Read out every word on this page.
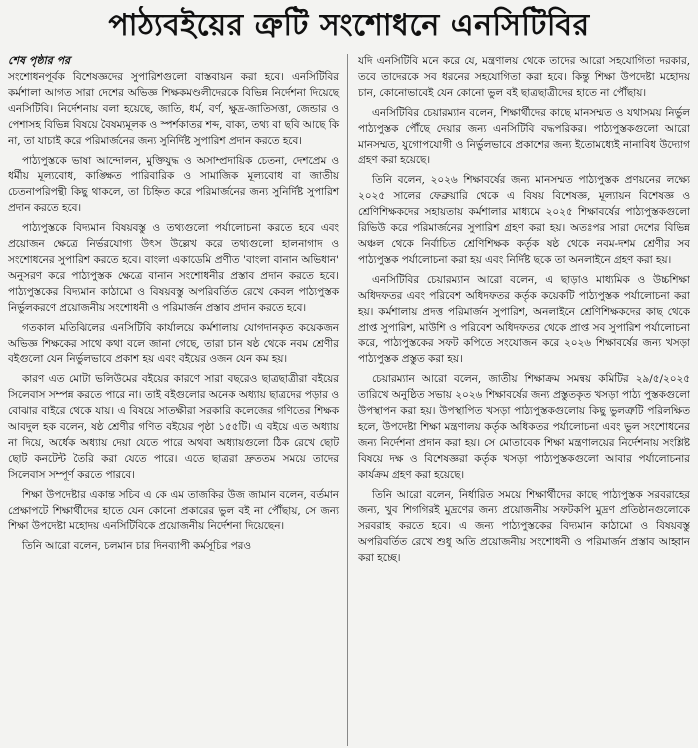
পাঠ্যবইয়ের ত্রুটি সংশোধনে এনসিটিবির

শেষ পৃষ্ঠার পর

সংশোধনপূর্বক বিশেষজ্ঞদের সুপারিশগুলো বাস্তবায়ন করা হবে। এনসিটিবির কর্মশালা আগত সারা দেশের অভিজ্ঞ শিক্ষকমণ্ডলীদেরকে বিভিন্ন নির্দেশনা দিয়েছে এনসিটিবি। নির্দেশনায় বলা হয়েছে, জাতি, ধর্ম, বর্ণ, ক্ষুদ্র-জাতিসত্তা, জেন্ডার ও পেশাসহ বিভিন্ন বিষয়ে বৈষম্যমূলক ও স্পর্শকাতর শব্দ, বাক্য, তথ্য বা ছবি আছে কি না, তা যাচাই করে পরিমার্জনের জন্য সুনির্দিষ্ট সুপারিশ প্রদান করতে হবে।

পাঠ্যপুস্তকে ভাষা আন্দোলন, মুক্তিযুদ্ধ ও অসাম্প্রদায়িক চেতনা, দেশপ্রেম ও ধর্মীয় মূল্যবোধ, কাঙ্ক্ষিত পারিবারিক ও সামাজিক মূল্যবোধ বা জাতীয় চেতনাপরিপন্থী কিছু থাকলে, তা চিহ্নিত করে পরিমার্জনের জন্য সুনির্দিষ্ট সুপারিশ প্রদান করতে হবে।

পাঠ্যপুস্তকে বিদ্যমান বিষয়বস্তু ও তথ্যগুলো পর্যালোচনা করতে হবে এবং প্রয়োজন ক্ষেত্রে নির্ভরযোগ্য উৎস উল্লেখ করে তথ্যগুলো হালনাগাদ ও সংশোধনের সুপারিশ করতে হবে। বাংলা একাডেমি প্রণীত 'বাংলা বানান অভিধান' অনুসরণ করে পাঠ্যপুস্তক ক্ষেত্রে বানান সংশোধনীর প্রস্তাব প্রদান করতে হবে। পাঠ্যপুস্তকের বিদ্যমান কাঠামো ও বিষয়বস্তু অপরিবর্তিত রেখে কেবল পাঠ্যপুস্তক নির্ভুলকরণে প্রয়োজনীয় সংশোধনী ও পরিমার্জন প্রস্তাব প্রদান করতে হবে।

গতকাল মতিঝিলের এনসিটিবি কার্যালয়ে কর্মশালায় যোগদানকৃত কয়েকজন অভিজ্ঞ শিক্ষকের সাথে কথা বলে জানা গেছে, তারা চান ষষ্ঠ থেকে নবম শ্রেণীর বইগুলো যেন নির্ভুলভাবে প্রকাশ হয় এবং বইয়ের ওজন যেন কম হয়।

কারণ এত মোটা ভলিউমের বইয়ের কারণে সারা বছরেও ছাত্রছাত্রীরা বইয়ের সিলেবাস সম্পন্ন করতে পারে না। তাই বইগুলোর অনেক অধ্যায় ছাত্রদের পড়ার ও বোঝার বাইরে থেকে যায়। এ বিষয়ে সাতক্ষীরা সরকারি কলেজের গণিতের শিক্ষক আবদুল হক বলেন, ষষ্ঠ শ্রেণীর গণিত বইয়ের পৃষ্ঠা ১৫৫টি। এ বইয়ে এত অধ্যায় না দিয়ে, অর্ধেক অধ্যায় দেয়া যেতে পারে অথবা অধ্যায়গুলো ঠিক রেখে ছোট ছোট কনটেন্ট তৈরি করা যেতে পারে। এতে ছাত্ররা দ্রুততম সময়ে তাদের সিলেবাস সম্পূর্ণ করতে পারবে।

শিক্ষা উপদেষ্টার একান্ত সচিব এ কে এম তাজকির উজ জামান বলেন, বর্তমান প্রেক্ষাপটে শিক্ষার্থীদের হাতে যেন কোনো প্রকারের ভুল বই না পৌঁছায়, সে জন্য শিক্ষা উপদেষ্টা মহোদয় এনসিটিবিকে প্রয়োজনীয় নির্দেশনা দিয়েছেন।

তিনি আরো বলেন, চলমান চার দিনব্যাপী কর্মসূচির পরও

যদি এনসিটিবি মনে করে যে, মন্ত্রণালয় থেকে তাদের আরো সহযোগিতা দরকার, তবে তাদেরকে সব ধরনের সহযোগিতা করা হবে। কিন্তু শিক্ষা উপদেষ্টা মহোদয় চান, কোনোভাবেই যেন কোনো ভুল বই ছাত্রছাত্রীদের হাতে না পৌঁছায়।

এনসিটিবির চেয়ারম্যান বলেন, শিক্ষার্থীদের কাছে মানসম্মত ও যথাসময় নির্ভুল পাঠ্যপুস্তক পৌঁছে দেয়ার জন্য এনসিটিবি বদ্ধপরিকর। পাঠ্যপুস্তকগুলো আরো মানসম্মত, যুগোপযোগী ও নির্ভুলভাবে প্রকাশের জন্য ইতোমধ্যেই নানাবিধ উদ্যোগ গ্রহণ করা হয়েছে।

তিনি বলেন, ২০২৬ শিক্ষাবর্ষের জন্য মানসম্মত পাঠ্যপুস্তক প্রণয়নের লক্ষ্যে ২০২৫ সালের ফেব্রুয়ারি থেকে এ বিষয় বিশেষজ্ঞ, মূল্যায়ন বিশেষজ্ঞ ও শ্রেণিশিক্ষকদের সহায়তায় কর্মশালার মাধ্যমে ২০২৫ শিক্ষাবর্ষের পাঠ্যপুস্তকগুলো রিভিউ করে পরিমার্জনের সুপারিশ গ্রহণ করা হয়। অতঃপর সারা দেশের বিভিন্ন অঞ্চল থেকে নির্বাচিত শ্রেণিশিক্ষক কর্তৃক ষষ্ঠ থেকে নবম-দশম শ্রেণীর সব পাঠ্যপুস্তক পর্যালোচনা করা হয় এবং নির্দিষ্ট ছকে তা অনলাইনে গ্রহণ করা হয়।

এনসিটিবির চেয়ারম্যান আরো বলেন, এ ছাড়াও মাধ্যমিক ও উচ্চশিক্ষা অধিদফতর এবং পরিবেশ অধিদফতর কর্তৃক কয়েকটি পাঠ্যপুস্তক পর্যালোচনা করা হয়। কর্মশালায় প্রদত্ত পরিমার্জন সুপারিশ, অনলাইনে শ্রেণিশিক্ষকদের কাছ থেকে প্রাপ্ত সুপারিশ, মাউশি ও পরিবেশ অধিদফতর থেকে প্রাপ্ত সব সুপারিশ পর্যালোচনা করে, পাঠ্যপুস্তকের সফট কপিতে সংযোজন করে ২০২৬ শিক্ষাবর্ষের জন্য খসড়া পাঠ্যপুস্তক প্রস্তুত করা হয়।

চেয়ারম্যান আরো বলেন, জাতীয় শিক্ষাক্রম সমন্বয় কমিটির ২৯/৫/২০২৫ তারিখে অনুষ্ঠিত সভায় ২০২৬ শিক্ষাবর্ষের জন্য প্রস্তুতকৃত খসড়া পাঠ্য পুস্তকগুলো উপস্থাপন করা হয়। উপস্থাপিত খসড়া পাঠ্যপুস্তকগুলোয় কিছু ভুলত্রুটি পরিলক্ষিত হলে, উপদেষ্টা শিক্ষা মন্ত্রণালয় কর্তৃক অধিকতর পর্যালোচনা এবং ভুল সংশোধনের জন্য নির্দেশনা প্রদান করা হয়। সে মোতাবেক শিক্ষা মন্ত্রণালয়ের নির্দেশনায় সংশ্লিষ্ট বিষয়ে দক্ষ ও বিশেষজ্ঞরা কর্তৃক খসড়া পাঠ্যপুস্তকগুলো আবার পর্যালোচনার কার্যক্রম গ্রহণ করা হয়েছে।

তিনি আরো বলেন, নির্ধারিত সময়ে শিক্ষার্থীদের কাছে পাঠ্যপুস্তক সরবরাহের জন্য, খুব শিগগিরই মুদ্রণের জন্য প্রয়োজনীয় সফটকপি মুদ্রণ প্রতিষ্ঠানগুলোকে সরবরাহ করতে হবে। এ জন্য পাঠ্যপুস্তকের বিদ্যমান কাঠামো ও বিষয়বস্তু অপরিবর্তিত রেখে শুধু অতি প্রয়োজনীয় সংশোধনী ও পরিমার্জন প্রস্তাব আহ্বান করা হচ্ছে।
